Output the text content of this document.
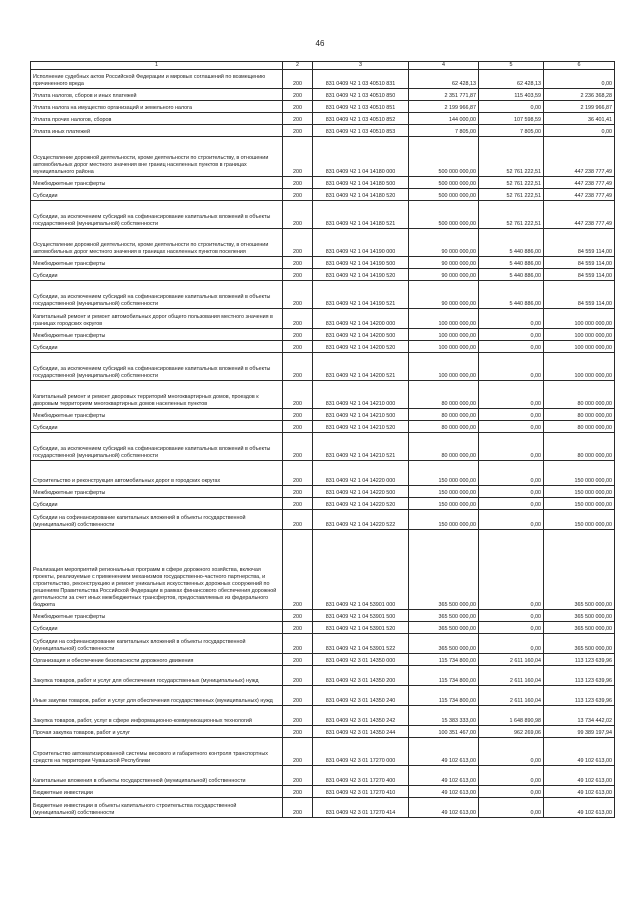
46
1	2	3	4	5	6
Исполнение судебных актов Российской Федерации и мировых соглашений по возмещению причиненного вреда	200	831 0409 Ч2 1 03 40510 831	62 428,13	62 428,13	0,00
Уплата налогов, сборов и иных платежей	200	831 0409 Ч2 1 03 40510 850	2 351 771,87	115 403,59	2 236 368,28
Уплата налога на имущество организаций и земельного налога	200	831 0409 Ч2 1 03 40510 851	2 199 966,87	0,00	2 199 966,87
Уплата прочих налогов, сборов	200	831 0409 Ч2 1 03 40510 852	144 000,00	107 598,59	36 401,41
Уплата иных платежей	200	831 0409 Ч2 1 03 40510 853	7 805,00	7 805,00	0,00
Осуществление дорожной деятельности, кроме деятельности по строительству, в отношении автомобильных дорог местного значения вне границ населенных пунктов в границах муниципального района	200	831 0409 Ч2 1 04 14180 000	500 000 000,00	52 761 222,51	447 238 777,49
Межбюджетные трансферты	200	831 0409 Ч2 1 04 14180 500	500 000 000,00	52 761 222,51	447 238 777,49
Субсидии	200	831 0409 Ч2 1 04 14180 520	500 000 000,00	52 761 222,51	447 238 777,49
Субсидии, за исключением субсидий на софинансирование капитальных вложений в объекты государственной (муниципальной) собственности	200	831 0409 Ч2 1 04 14180 521	500 000 000,00	52 761 222,51	447 238 777,49
Осуществление дорожной деятельности, кроме деятельности по строительству, в отношении автомобильных дорог местного значения в границах населенных пунктов поселения	200	831 0409 Ч2 1 04 14190 000	90 000 000,00	5 440 886,00	84 559 114,00
Межбюджетные трансферты	200	831 0409 Ч2 1 04 14190 500	90 000 000,00	5 440 886,00	84 559 114,00
Субсидии	200	831 0409 Ч2 1 04 14190 520	90 000 000,00	5 440 886,00	84 559 114,00
Субсидии, за исключением субсидий на софинансирование капитальных вложений в объекты государственной (муниципальной) собственности	200	831 0409 Ч2 1 04 14190 521	90 000 000,00	5 440 886,00	84 559 114,00
Капитальный ремонт и ремонт автомобильных дорог общего пользования местного значения в границах городских округов	200	831 0409 Ч2 1 04 14200 000	100 000 000,00	0,00	100 000 000,00
Межбюджетные трансферты	200	831 0409 Ч2 1 04 14200 500	100 000 000,00	0,00	100 000 000,00
Субсидии	200	831 0409 Ч2 1 04 14200 520	100 000 000,00	0,00	100 000 000,00
Субсидии, за исключением субсидий на софинансирование капитальных вложений в объекты государственной (муниципальной) собственности	200	831 0409 Ч2 1 04 14200 521	100 000 000,00	0,00	100 000 000,00
Капитальный ремонт и ремонт дворовых территорий многоквартирных домов, проездов к дворовым территориям многоквартирных домов населенных пунктов	200	831 0409 Ч2 1 04 14210 000	80 000 000,00	0,00	80 000 000,00
Межбюджетные трансферты	200	831 0409 Ч2 1 04 14210 500	80 000 000,00	0,00	80 000 000,00
Субсидии	200	831 0409 Ч2 1 04 14210 520	80 000 000,00	0,00	80 000 000,00
Субсидии, за исключением субсидий на софинансирование капитальных вложений в объекты государственной (муниципальной) собственности	200	831 0409 Ч2 1 04 14210 521	80 000 000,00	0,00	80 000 000,00
Строительство и реконструкция автомобильных дорог в городских округах	200	831 0409 Ч2 1 04 14220 000	150 000 000,00	0,00	150 000 000,00
Межбюджетные трансферты	200	831 0409 Ч2 1 04 14220 500	150 000 000,00	0,00	150 000 000,00
Субсидии	200	831 0409 Ч2 1 04 14220 520	150 000 000,00	0,00	150 000 000,00
Субсидии на софинансирование капитальных вложений в объекты государственной (муниципальной) собственности	200	831 0409 Ч2 1 04 14220 522	150 000 000,00	0,00	150 000 000,00
Реализация мероприятий региональных программ в сфере дорожного хозяйства, включая проекты, реализуемые с применением механизмов государственно-частного партнерства, и строительство, реконструкцию и ремонт уникальных искусственных дорожных сооружений по решениям Правительства Российской Федерации в рамках финансового обеспечения дорожной деятельности за счет иных межбюджетных трансфертов, предоставляемых из федерального бюджета	200	831 0409 Ч2 1 04 53901 000	365 500 000,00	0,00	365 500 000,00
Межбюджетные трансферты	200	831 0409 Ч2 1 04 53901 500	365 500 000,00	0,00	365 500 000,00
Субсидии	200	831 0409 Ч2 1 04 53901 520	365 500 000,00	0,00	365 500 000,00
Субсидии на софинансирование капитальных вложений в объекты государственной (муниципальной) собственности	200	831 0409 Ч2 1 04 53901 522	365 500 000,00	0,00	365 500 000,00
Организация и обеспечение безопасности дорожного движения	200	831 0409 Ч2 3 01 14350 000	115 734 800,00	2 611 160,04	113 123 639,96
Закупка товаров, работ и услуг для обеспечения государственных (муниципальных) нужд	200	831 0409 Ч2 3 01 14350 200	115 734 800,00	2 611 160,04	113 123 639,96
Иные закупки товаров, работ и услуг для обеспечения государственных (муниципальных) нужд	200	831 0409 Ч2 3 01 14350 240	115 734 800,00	2 611 160,04	113 123 639,96
Закупка товаров, работ, услуг в сфере информационно-коммуникационных технологий	200	831 0409 Ч2 3 01 14350 242	15 383 333,00	1 648 890,98	13 734 442,02
Прочая закупка товаров, работ и услуг	200	831 0409 Ч2 3 01 14350 244	100 351 467,00	962 269,06	99 389 197,94
Строительство автоматизированной системы весового и габаритного контроля транспортных средств на территории Чувашской Республики	200	831 0409 Ч2 3 01 17270 000	49 102 613,00	0,00	49 102 613,00
Капитальные вложения в объекты государственной (муниципальной) собственности	200	831 0409 Ч2 3 01 17270 400	49 102 613,00	0,00	49 102 613,00
Бюджетные инвестиции	200	831 0409 Ч2 3 01 17270 410	49 102 613,00	0,00	49 102 613,00
Бюджетные инвестиции в объекты капитального строительства государственной (муниципальной) собственности	200	831 0409 Ч2 3 01 17270 414	49 102 613,00	0,00	49 102 613,00
